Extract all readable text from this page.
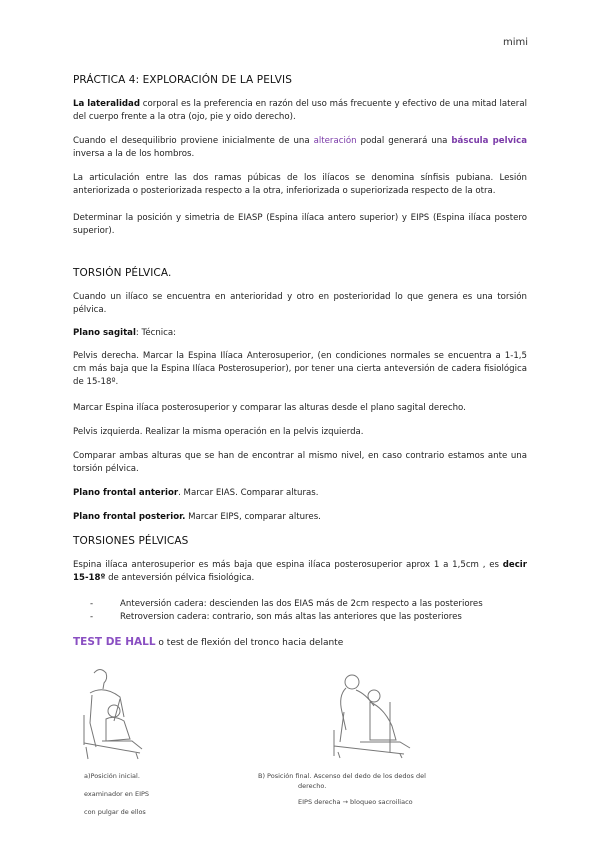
mimi
PRÁCTICA 4: EXPLORACIÓN DE LA PELVIS
La lateralidad corporal es la preferencia en razón del uso más frecuente y efectivo de una mitad lateral del cuerpo frente a la otra (ojo, pie y oido derecho).
Cuando el desequilibrio proviene inicialmente de una alteración podal generará una báscula pelvica inversa a la de los hombros.
La articulación entre las dos ramas púbicas de los ilíacos se denomina sínfisis pubiana. Lesión anteriorizada o posteriorizada respecto a la otra, inferiorizada o superiorizada respecto de la otra.
Determinar la posición y simetria de EIASP (Espina ilíaca antero superior) y EIPS (Espina ilíaca postero superior).
TORSIÓN PÉLVICA.
Cuando un ilíaco se encuentra en anterioridad y otro en posterioridad lo que genera es una torsión pélvica.
Plano sagital: Técnica:
Pelvis derecha. Marcar la Espina Ilíaca Anterosuperior, (en condiciones normales se encuentra a 1-1,5 cm más baja que la Espina Ilíaca Posterosuperior), por tener una cierta anteversión de cadera fisiológica de 15-18º.
Marcar Espina ilíaca posterosuperior y comparar las alturas desde el plano sagital derecho.
Pelvis izquierda. Realizar la misma operación en la pelvis izquierda.
Comparar ambas alturas que se han de encontrar al mismo nivel, en caso contrario estamos ante una torsión pélvica.
Plano frontal anterior. Marcar EIAS. Comparar alturas.
Plano frontal posterior. Marcar EIPS, comparar altures.
TORSIONES PÉLVICAS
Espina ilíaca anterosuperior es más baja que espina ilíaca posterosuperior aprox 1 a 1,5cm , es decir 15-18º de anteversión pélvica fisiológica.
-	Anteversión cadera: descienden las dos EIAS más de 2cm respecto a las posteriores
-	Retroversion cadera: contrario, son más altas las anteriores que las posteriores
TEST DE HALL o test de flexión del tronco hacia delante
a)Posición inicial.
examinador en EIPS
con pulgar de ellos
B) Posición final. Ascenso del dedo de los dedos del
derecho.
EIPS derecha → bloqueo sacroiliaco
